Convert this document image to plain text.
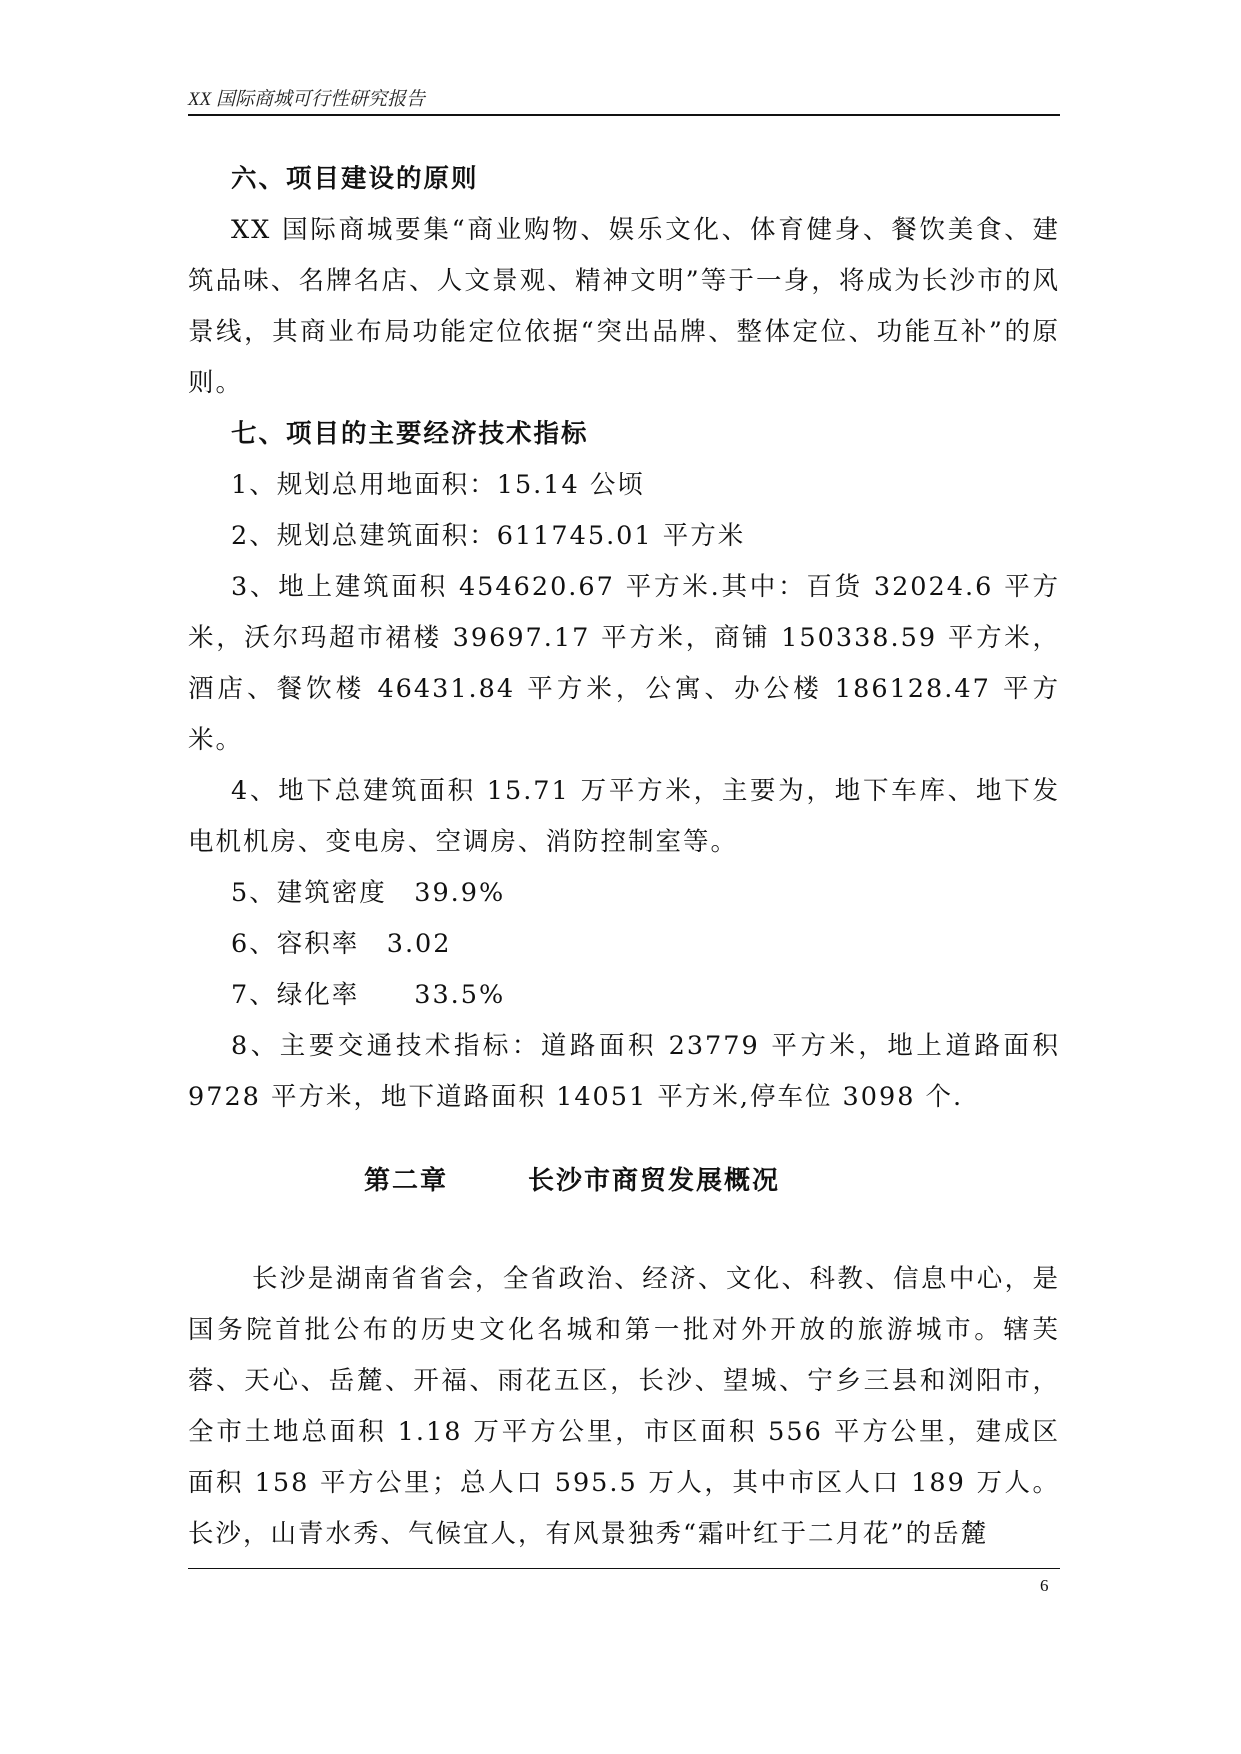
XX 国际商城可行性研究报告

六、项目建设的原则

XX 国际商城要集“商业购物、娱乐文化、体育健身、餐饮美食、建筑品味、名牌名店、人文景观、精神文明”等于一身，将成为长沙市的风景线，其商业布局功能定位依据“突出品牌、整体定位、功能互补”的原则。

七、项目的主要经济技术指标

1、规划总用地面积：15.14 公顷

2、规划总建筑面积：611745.01 平方米

3、地上建筑面积 454620.67 平方米.其中：百货 32024.6 平方米，沃尔玛超市裙楼 39697.17 平方米，商铺 150338.59 平方米，酒店、餐饮楼 46431.84 平方米，公寓、办公楼 186128.47 平方米。

4、地下总建筑面积 15.71 万平方米，主要为，地下车库、地下发电机机房、变电房、空调房、消防控制室等。

5、建筑密度　39.9%

6、容积率　3.02

7、绿化率　　33.5%

8、主要交通技术指标：道路面积 23779 平方米，地上道路面积 9728 平方米，地下道路面积 14051 平方米,停车位 3098 个.

第二章	长沙市商贸发展概况

长沙是湖南省省会，全省政治、经济、文化、科教、信息中心，是国务院首批公布的历史文化名城和第一批对外开放的旅游城市。辖芙蓉、天心、岳麓、开福、雨花五区，长沙、望城、宁乡三县和浏阳市，全市土地总面积 1.18 万平方公里，市区面积 556 平方公里，建成区面积 158 平方公里；总人口 595.5 万人，其中市区人口 189 万人。长沙，山青水秀、气候宜人，有风景独秀“霜叶红于二月花”的岳麓

6
